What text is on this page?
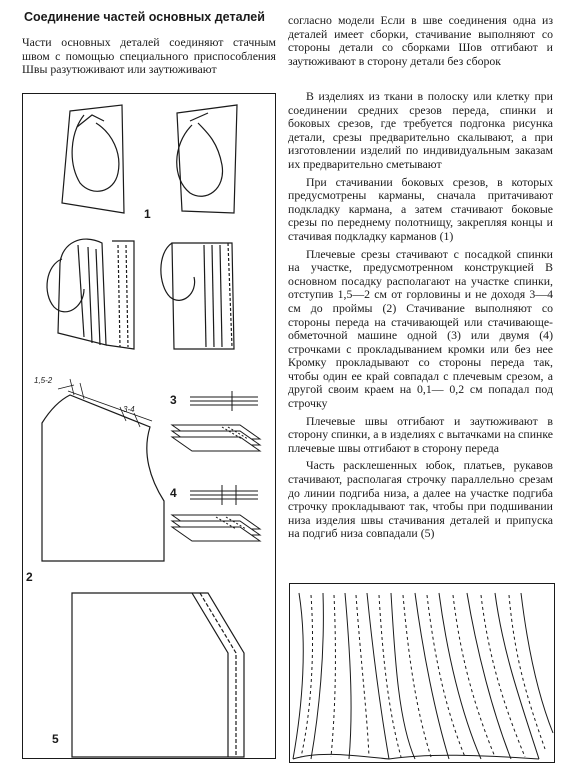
Соединение частей основных деталей
Части основных деталей соединяют стачным швом с помощью специального приспособления Швы разутюживают или заутюживают

согласно модели Если в шве соединения одна из деталей имеет сборки, стачивание выполняют со стороны детали со сборками Шов отгибают и заутюживают в сторону детали без сборок

В изделиях из ткани в полоску или клетку при соединении средних срезов переда, спинки и боковых срезов, где требуется подгонка рисунка детали, срезы предварительно скалывают, а при изготовлении изделий по индивидуальным заказам их предварительно сметывают

При стачивании боковых срезов, в которых предусмотрены карманы, сначала притачивают подкладку кармана, а затем стачивают боковые срезы по переднему полотнищу, закрепляя концы и стачивая подкладку карманов (1)

Плечевые срезы стачивают с посадкой спинки на участке, предусмотренном конструкцией В основном посадку располагают на участке спинки, отступив 1,5—2 см от горловины и не доходя 3—4 см до проймы (2) Стачивание выполняют со стороны переда на стачивающей или стачивающе-обметочной машине одной (3) или двумя (4) строчками с прокладыванием кромки или без нее Кромку прокладывают со стороны переда так, чтобы один ее край совпадал с плечевым срезом, а другой своим краем на 0,1— 0,2 см попадал под строчку

Плечевые швы отгибают и заутюживают в сторону спинки, а в изделиях с вытачками на спинке плечевые швы отгибают в сторону переда

Часть расклешенных юбок, платьев, рукавов стачивают, располагая строчку параллельно срезам до линии подгиба низа, а далее на участке подгиба строчку прокладывают так, чтобы при подшивании низа изделия швы стачивания деталей и припуска на подгиб низа совпадали (5)

1
1,5-2
3-4
2
3
4
5
